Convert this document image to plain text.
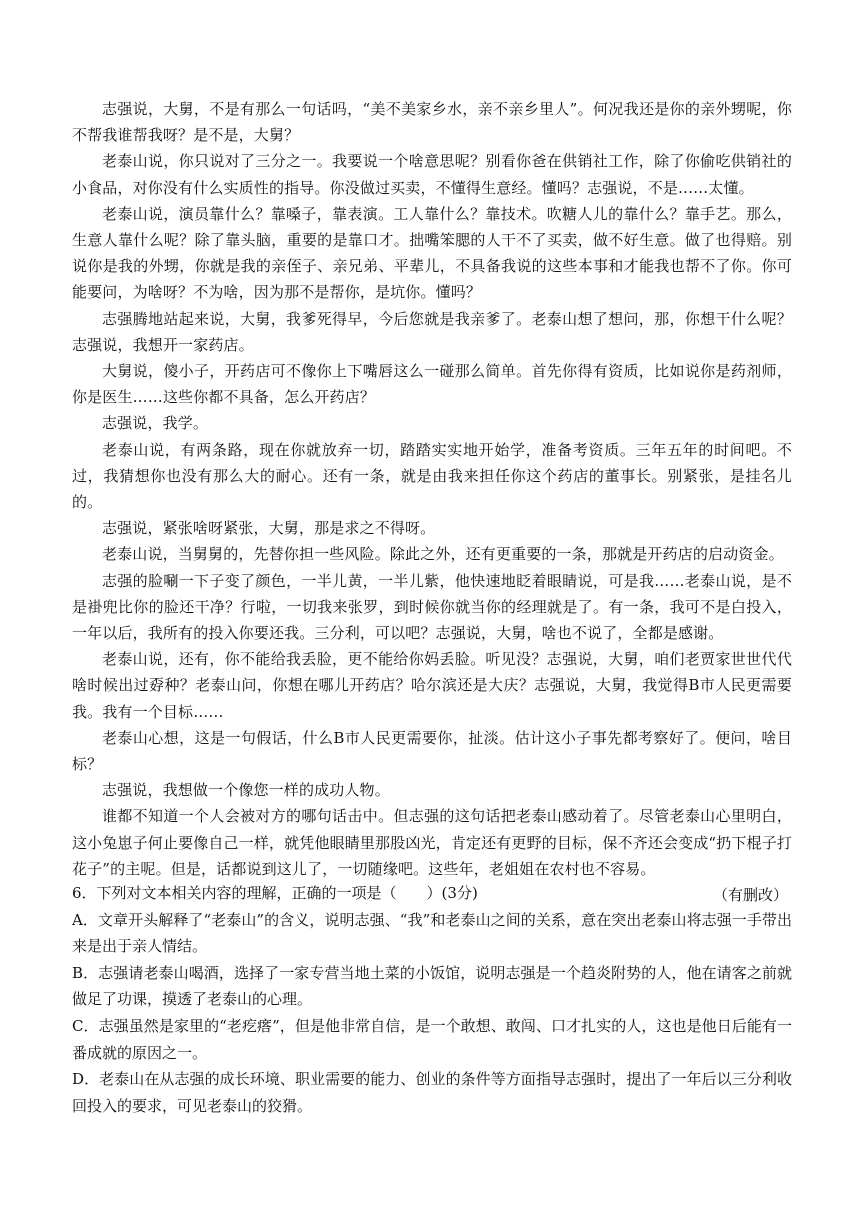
志强说，大舅，不是有那么一句话吗，“美不美家乡水，亲不亲乡里人”。何况我还是你的亲外甥呢，你不帮我谁帮我呀？是不是，大舅？

老泰山说，你只说对了三分之一。我要说一个啥意思呢？别看你爸在供销社工作，除了你偷吃供销社的小食品，对你没有什么实质性的指导。你没做过买卖，不懂得生意经。懂吗？志强说，不是……太懂。

老泰山说，演员靠什么？靠嗓子，靠表演。工人靠什么？靠技术。吹糖人儿的靠什么？靠手艺。那么，生意人靠什么呢？除了靠头脑，重要的是靠口才。拙嘴笨腮的人干不了买卖，做不好生意。做了也得赔。别说你是我的外甥，你就是我的亲侄子、亲兄弟、平辈儿，不具备我说的这些本事和才能我也帮不了你。你可能要问，为啥呀？不为啥，因为那不是帮你，是坑你。懂吗？

志强腾地站起来说，大舅，我爹死得早，今后您就是我亲爹了。老泰山想了想问，那，你想干什么呢？志强说，我想开一家药店。

大舅说，傻小子，开药店可不像你上下嘴唇这么一碰那么简单。首先你得有资质，比如说你是药剂师，你是医生……这些你都不具备，怎么开药店？

志强说，我学。

老泰山说，有两条路，现在你就放弃一切，踏踏实实地开始学，准备考资质。三年五年的时间吧。不过，我猜想你也没有那么大的耐心。还有一条，就是由我来担任你这个药店的董事长。别紧张，是挂名儿的。

志强说，紧张啥呀紧张，大舅，那是求之不得呀。

老泰山说，当舅舅的，先替你担一些风险。除此之外，还有更重要的一条，那就是开药店的启动资金。

志强的脸唰一下子变了颜色，一半儿黄，一半儿紫，他快速地眨着眼睛说，可是我……老泰山说，是不是褂兜比你的脸还干净？行啦，一切我来张罗，到时候你就当你的经理就是了。有一条，我可不是白投入，一年以后，我所有的投入你要还我。三分利，可以吧？志强说，大舅，啥也不说了，全都是感谢。

老泰山说，还有，你不能给我丢脸，更不能给你妈丢脸。听见没？志强说，大舅，咱们老贾家世世代代啥时候出过孬种？老泰山问，你想在哪儿开药店？哈尔滨还是大庆？志强说，大舅，我觉得B市人民更需要我。我有一个目标……

老泰山心想，这是一句假话，什么B市人民更需要你，扯淡。估计这小子事先都考察好了。便问，啥目标？

志强说，我想做一个像您一样的成功人物。

谁都不知道一个人会被对方的哪句话击中。但志强的这句话把老泰山感动着了。尽管老泰山心里明白，这小兔崽子何止要像自己一样，就凭他眼睛里那股凶光，肯定还有更野的目标，保不齐还会变成“扔下棍子打花子”的主呢。但是，话都说到这儿了，一切随缘吧。这些年，老姐姐在农村也不容易。

（有删改）

6．下列对文本相关内容的理解，正确的一项是（　　）(3分)

A．文章开头解释了“老泰山”的含义，说明志强、“我”和老泰山之间的关系，意在突出老泰山将志强一手带出来是出于亲人情结。

B．志强请老泰山喝酒，选择了一家专营当地土菜的小饭馆，说明志强是一个趋炎附势的人，他在请客之前就做足了功课，摸透了老泰山的心理。

C．志强虽然是家里的“老疙瘩”，但是他非常自信，是一个敢想、敢闯、口才扎实的人，这也是他日后能有一番成就的原因之一。

D．老泰山在从志强的成长环境、职业需要的能力、创业的条件等方面指导志强时，提出了一年后以三分利收回投入的要求，可见老泰山的狡猾。
